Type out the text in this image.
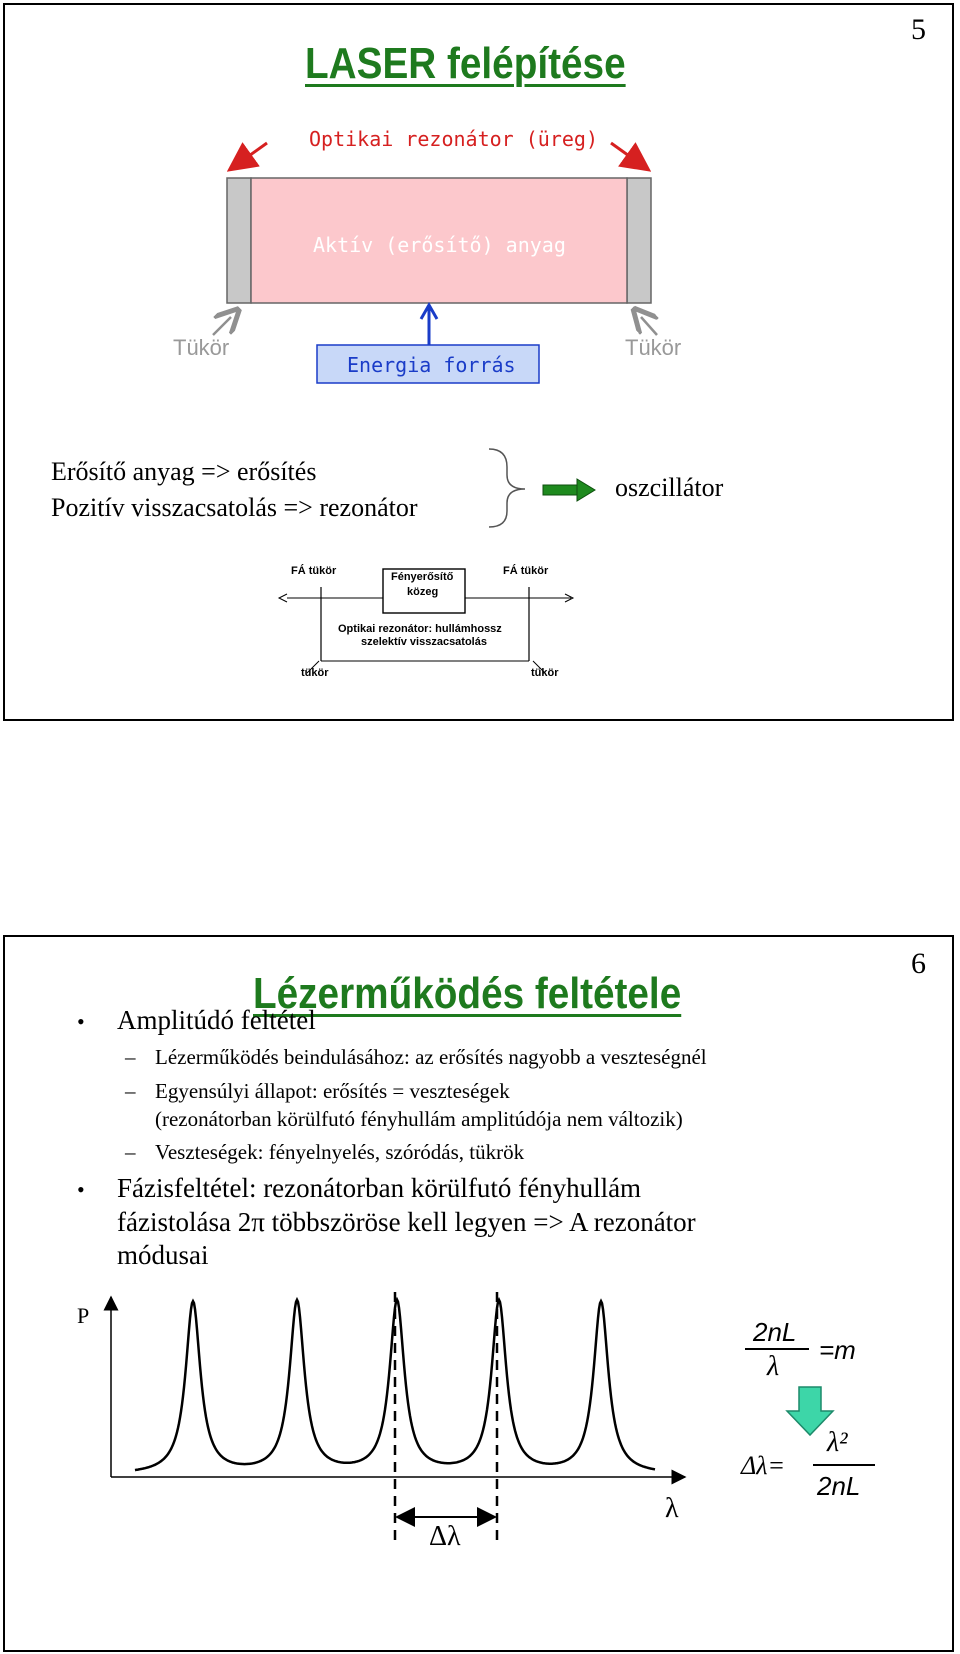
5
LASER felépítése
Optikai rezonátor (üreg)
Aktív (erősítő) anyag
Tükör	Tükör
Energia forrás
Erősítő anyag => erősítés
Pozitív visszacsatolás => rezonátor
oszcillátor
FÁ tükör	FÁ tükör
Fényerősítő
közeg
Optikai rezonátor: hullámhossz
szelektív visszacsatolás
tükör	tükör
6
Lézerműködés feltétele
• Amplitúdó feltétel
– Lézerműködés beindulásához: az erősítés nagyobb a veszteségnél
– Egyensúlyi állapot: erősítés = veszteségek
(rezonátorban körülfutó fényhullám amplitúdója nem változik)
– Veszteségek: fényelnyelés, szóródás, tükrök
• Fázisfeltétel: rezonátorban körülfutó fényhullám
fázistolása 2π többszöröse kell legyen => A rezonátor
módusai
P
λ
Δλ
2nL
λ
=m
Δλ=
λ²
2nL
